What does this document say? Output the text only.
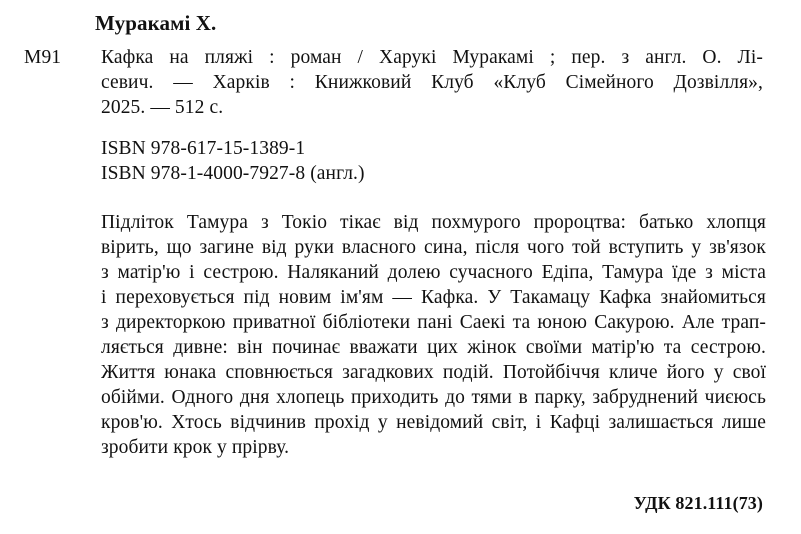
Муракамі Х.
М91 Кафка на пляжі : роман / Харукі Муракамі ; пер. з англ. О. Лі-
севич. — Харків : Книжковий Клуб «Клуб Сімейного Дозвілля»,
2025. — 512 с.
ISBN 978-617-15-1389-1
ISBN 978-1-4000-7927-8 (англ.)
Підліток Тамура з Токіо тікає від похмурого пророцтва: батько хлопця
вірить, що загине від руки власного сина, після чого той вступить у зв'язок
з матір'ю і сестрою. Наляканий долею сучасного Едіпа, Тамура їде з міста
і переховується під новим ім'ям — Кафка. У Такамацу Кафка знайомиться
з директоркою приватної бібліотеки пані Саекі та юною Сакурою. Але трап-
ляється дивне: він починає вважати цих жінок своїми матір'ю та сестрою.
Життя юнака сповнюється загадкових подій. Потойбіччя кличе його у свої
обійми. Одного дня хлопець приходить до тями в парку, забруднений чиєюсь
кров'ю. Хтось відчинив прохід у невідомий світ, і Кафці залишається лише
зробити крок у прірву.
УДК 821.111(73)
